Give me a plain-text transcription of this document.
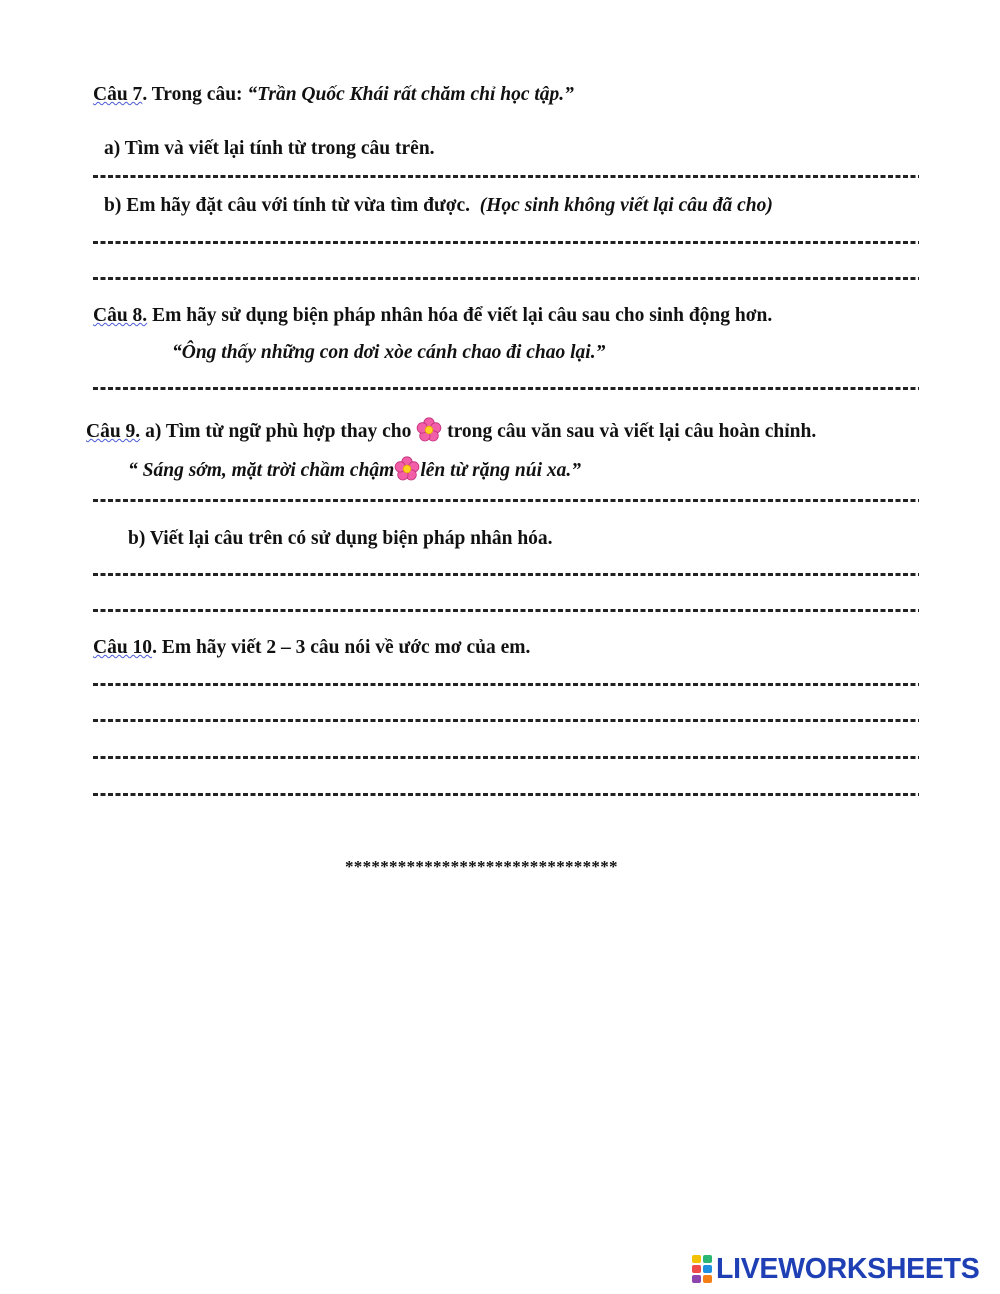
Câu 7. Trong câu: “Trần Quốc Khái rất chăm chỉ học tập.”
a) Tìm và viết lại tính từ trong câu trên.
b) Em hãy đặt câu với tính từ vừa tìm được. (Học sinh không viết lại câu đã cho)
Câu 8. Em hãy sử dụng biện pháp nhân hóa để viết lại câu sau cho sinh động hơn.
“Ông thấy những con dơi xòe cánh chao đi chao lại.”
Câu 9. a) Tìm từ ngữ phù hợp thay cho  trong câu văn sau và viết lại câu hoàn chỉnh.
“ Sáng sớm, mặt trời chầm chậm lên từ rặng núi xa.”
b) Viết lại câu trên có sử dụng biện pháp nhân hóa.
Câu 10. Em hãy viết 2 – 3 câu nói về ước mơ của em.
*******************************
LIVEWORKSHEETS
